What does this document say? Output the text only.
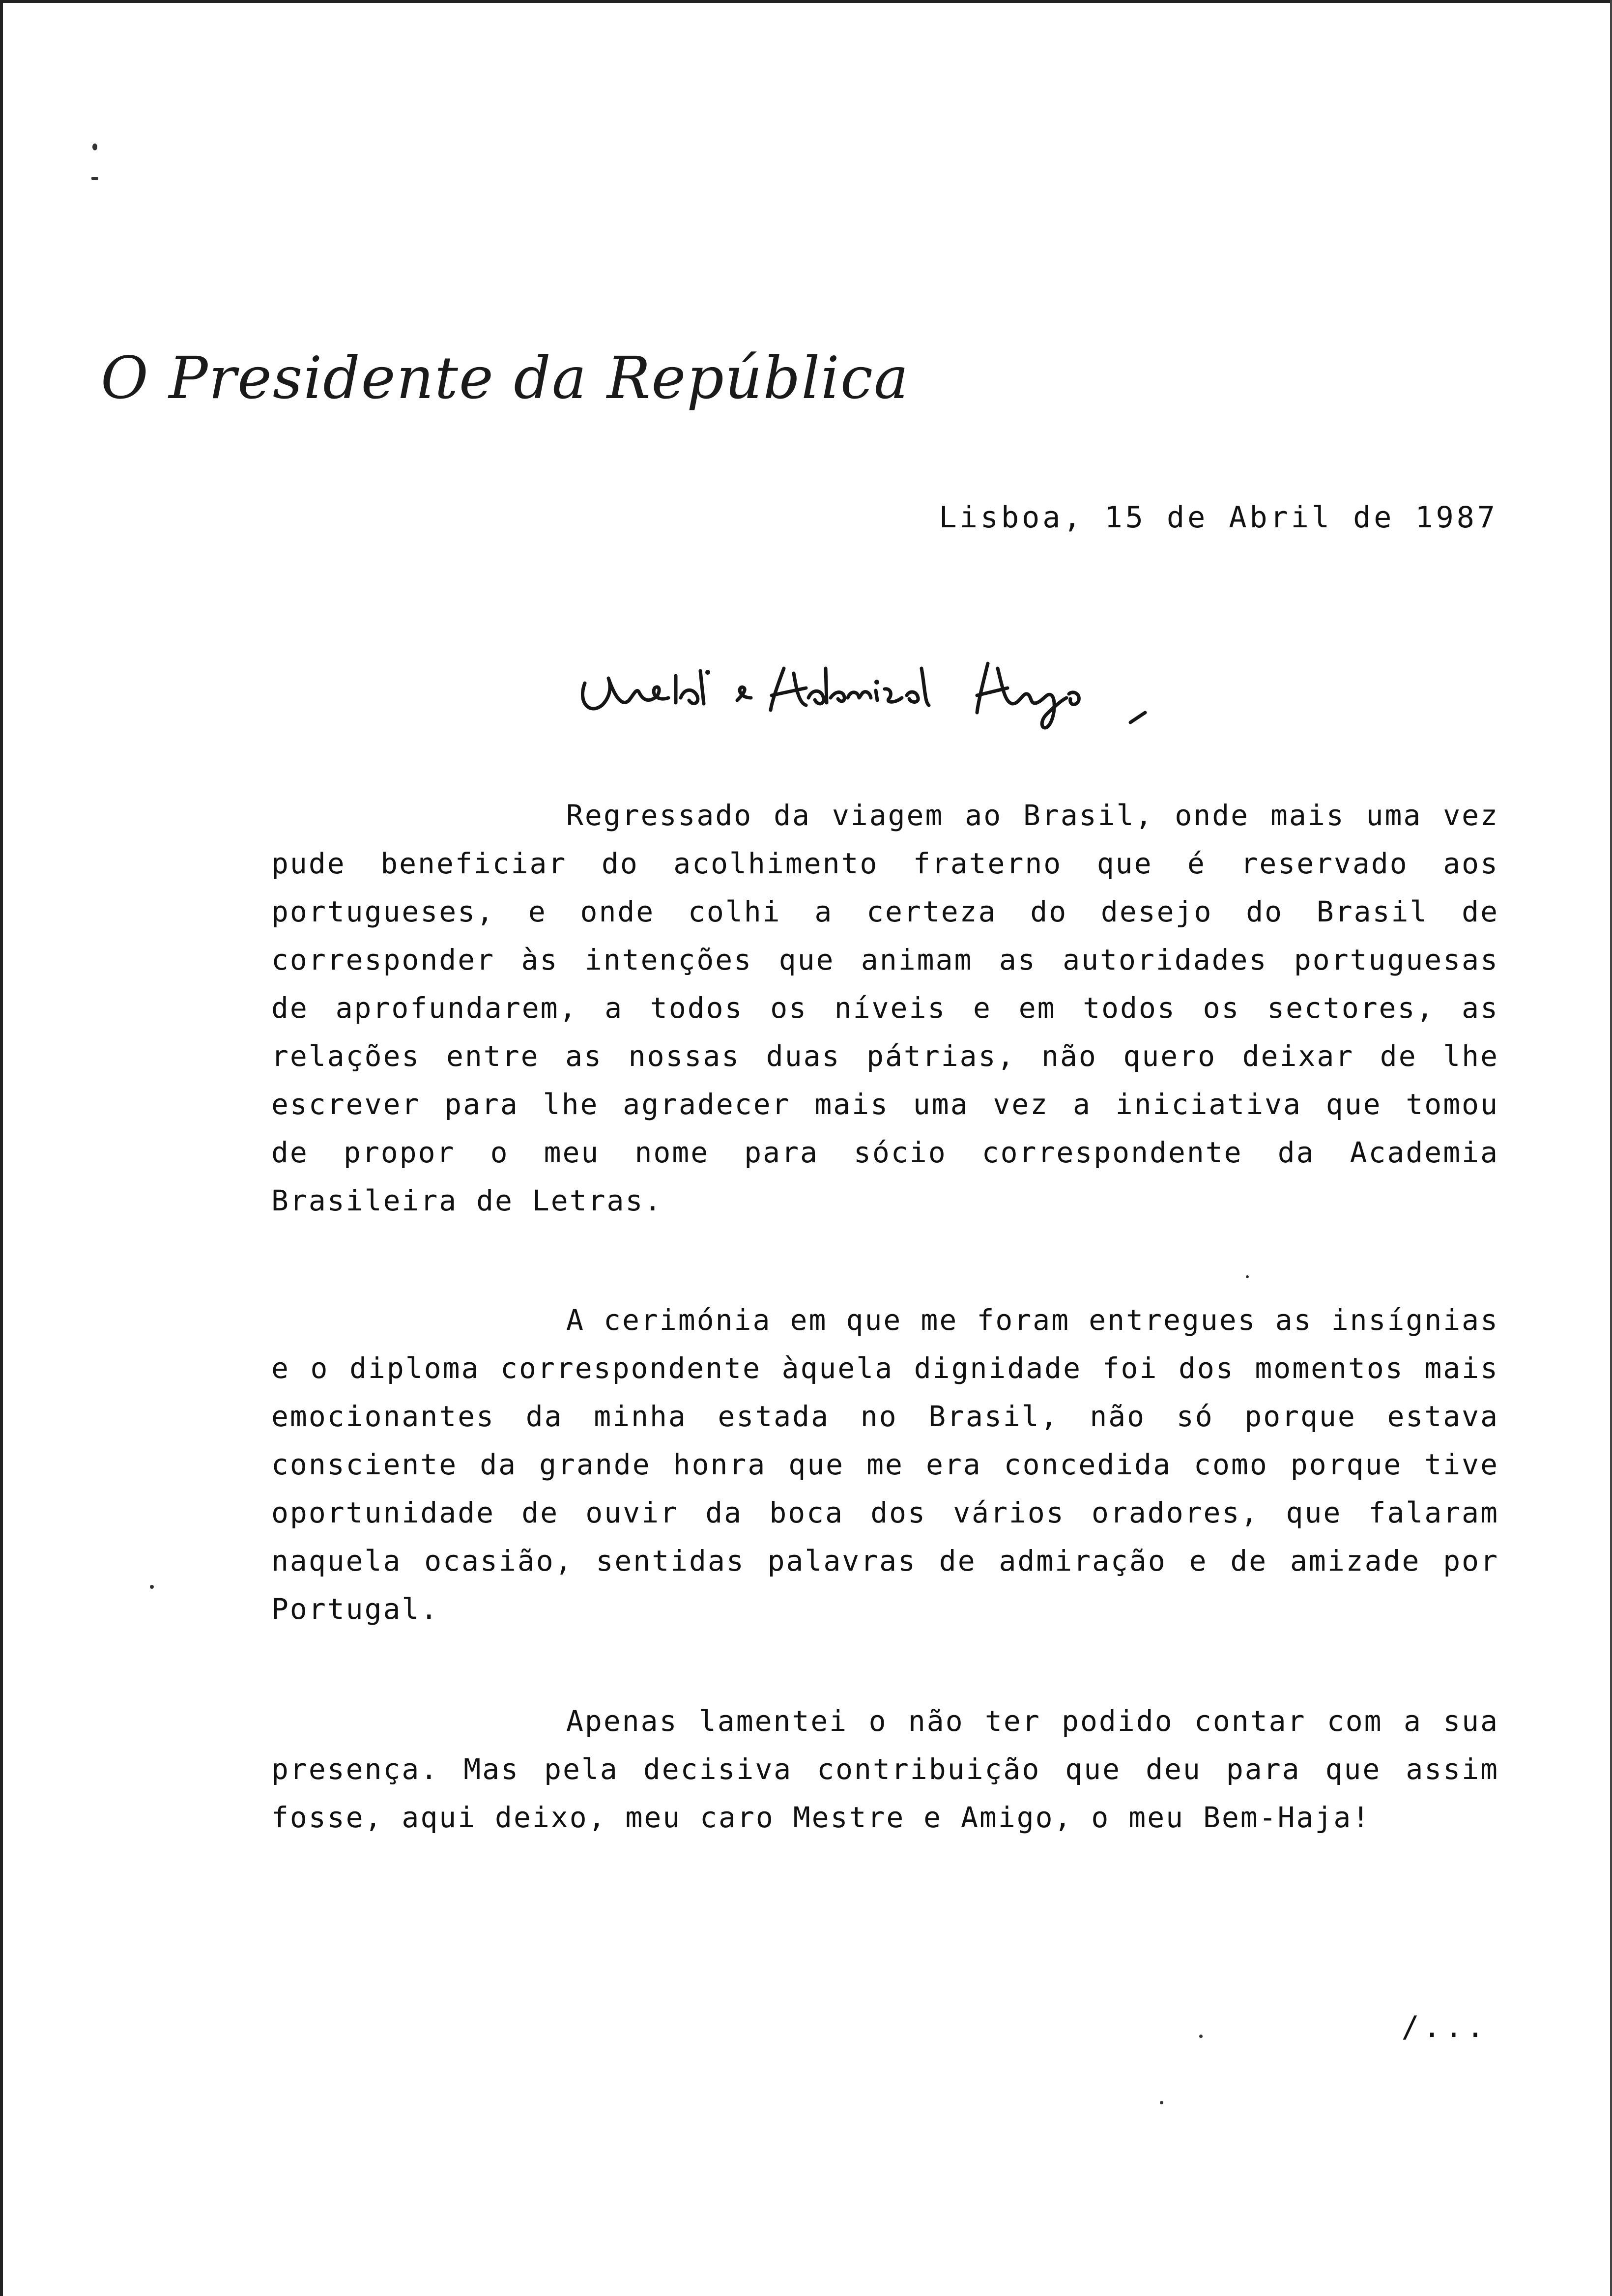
O Presidente da República
Lisboa, 15 de Abril de 1987

Regressado da viagem ao Brasil, onde mais uma vez pude beneficiar do acolhimento fraterno que é reservado aos portugueses, e onde colhi a certeza do desejo do Brasil de corresponder às intenções que animam as autoridades portuguesas de aprofundarem, a todos os níveis e em todos os sectores, as relações entre as nossas duas pátrias, não quero deixar de lhe escrever para lhe agradecer mais uma vez a iniciativa que tomou de propor o meu nome para sócio correspondente da Academia Brasileira de Letras.

A cerimónia em que me foram entregues as insígnias e o diploma correspondente àquela dignidade foi dos momentos mais emocionantes da minha estada no Brasil, não só porque estava consciente da grande honra que me era concedida como porque tive oportunidade de ouvir da boca dos vários oradores, que falaram naquela ocasião, sentidas palavras de admiração e de amizade por Portugal.

Apenas lamentei o não ter podido contar com a sua presença. Mas pela decisiva contribuição que deu para que assim fosse, aqui deixo, meu caro Mestre e Amigo, o meu Bem-Haja!

/...
